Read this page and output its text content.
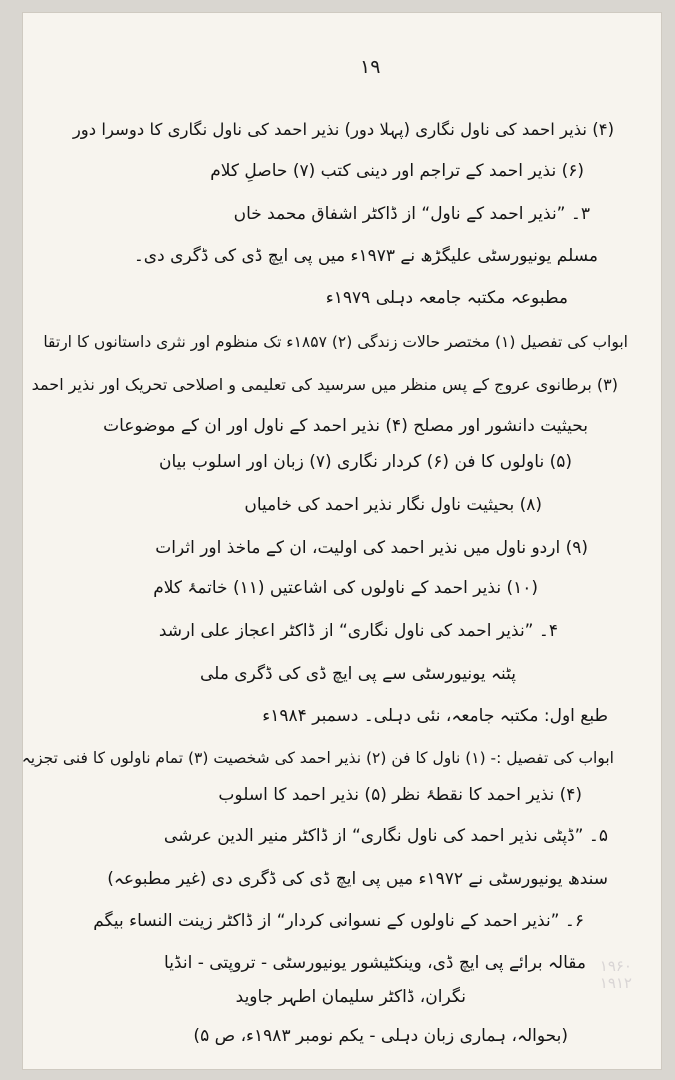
١٩
(۴) نذیر احمد کی ناول نگاری (پہلا دور) نذیر احمد کی ناول نگاری کا دوسرا دور
(۶) نذیر احمد کے تراجم اور دینی کتب (۷) حاصلِ کلام
۳۔ ”نذیر احمد کے ناول“ از ڈاکٹر اشفاق محمد خاں
مسلم یونیورسٹی علیگڑھ نے ۱۹۷۳ء میں پی ایچ ڈی کی ڈگری دی۔
مطبوعہ مکتبہ جامعہ دہلی ۱۹۷۹ء
ابواب کی تفصیل (۱) مختصر حالات زندگی (۲) ۱۸۵۷ء تک منظوم اور نثری داستانوں کا ارتقا
(۳) برطانوی عروج کے پس منظر میں سرسید کی تعلیمی و اصلاحی تحریک اور نذیر احمد
بحیثیت دانشور اور مصلح (۴) نذیر احمد کے ناول اور ان کے موضوعات
(۵) ناولوں کا فن (۶) کردار نگاری (۷) زبان اور اسلوب بیان
(۸) بحیثیت ناول نگار نذیر احمد کی خامیاں
(۹) اردو ناول میں نذیر احمد کی اولیت، ان کے ماخذ اور اثرات
(۱۰) نذیر احمد کے ناولوں کی اشاعتیں (۱۱) خاتمۂ کلام
۴۔ ”نذیر احمد کی ناول نگاری“ از ڈاکٹر اعجاز علی ارشد
پٹنہ یونیورسٹی سے پی ایچ ڈی کی ڈگری ملی
طبع اول: مکتبہ جامعہ، نئی دہلی۔ دسمبر ۱۹۸۴ء
ابواب کی تفصیل :- (۱) ناول کا فن (۲) نذیر احمد کی شخصیت (۳) تمام ناولوں کا فنی تجزیہ
(۴) نذیر احمد کا نقطۂ نظر (۵) نذیر احمد کا اسلوب
۵۔ ”ڈپٹی نذیر احمد کی ناول نگاری“ از ڈاکٹر منیر الدین عرشی
سندھ یونیورسٹی نے ۱۹۷۲ء میں پی ایچ ڈی کی ڈگری دی (غیر مطبوعہ)
۶۔ ”نذیر احمد کے ناولوں کے نسوانی کردار“ از ڈاکٹر زینت النساء بیگم
مقالہ برائے پی ایچ ڈی، وینکٹیشور یونیورسٹی - تروپتی - انڈیا
نگران، ڈاکٹر سلیمان اطہر جاوید
(بحوالہ، ہماری زبان دہلی - یکم نومبر ۱۹۸۳ء، ص ۵)
۱۹۶۰
۱۹۱۲
